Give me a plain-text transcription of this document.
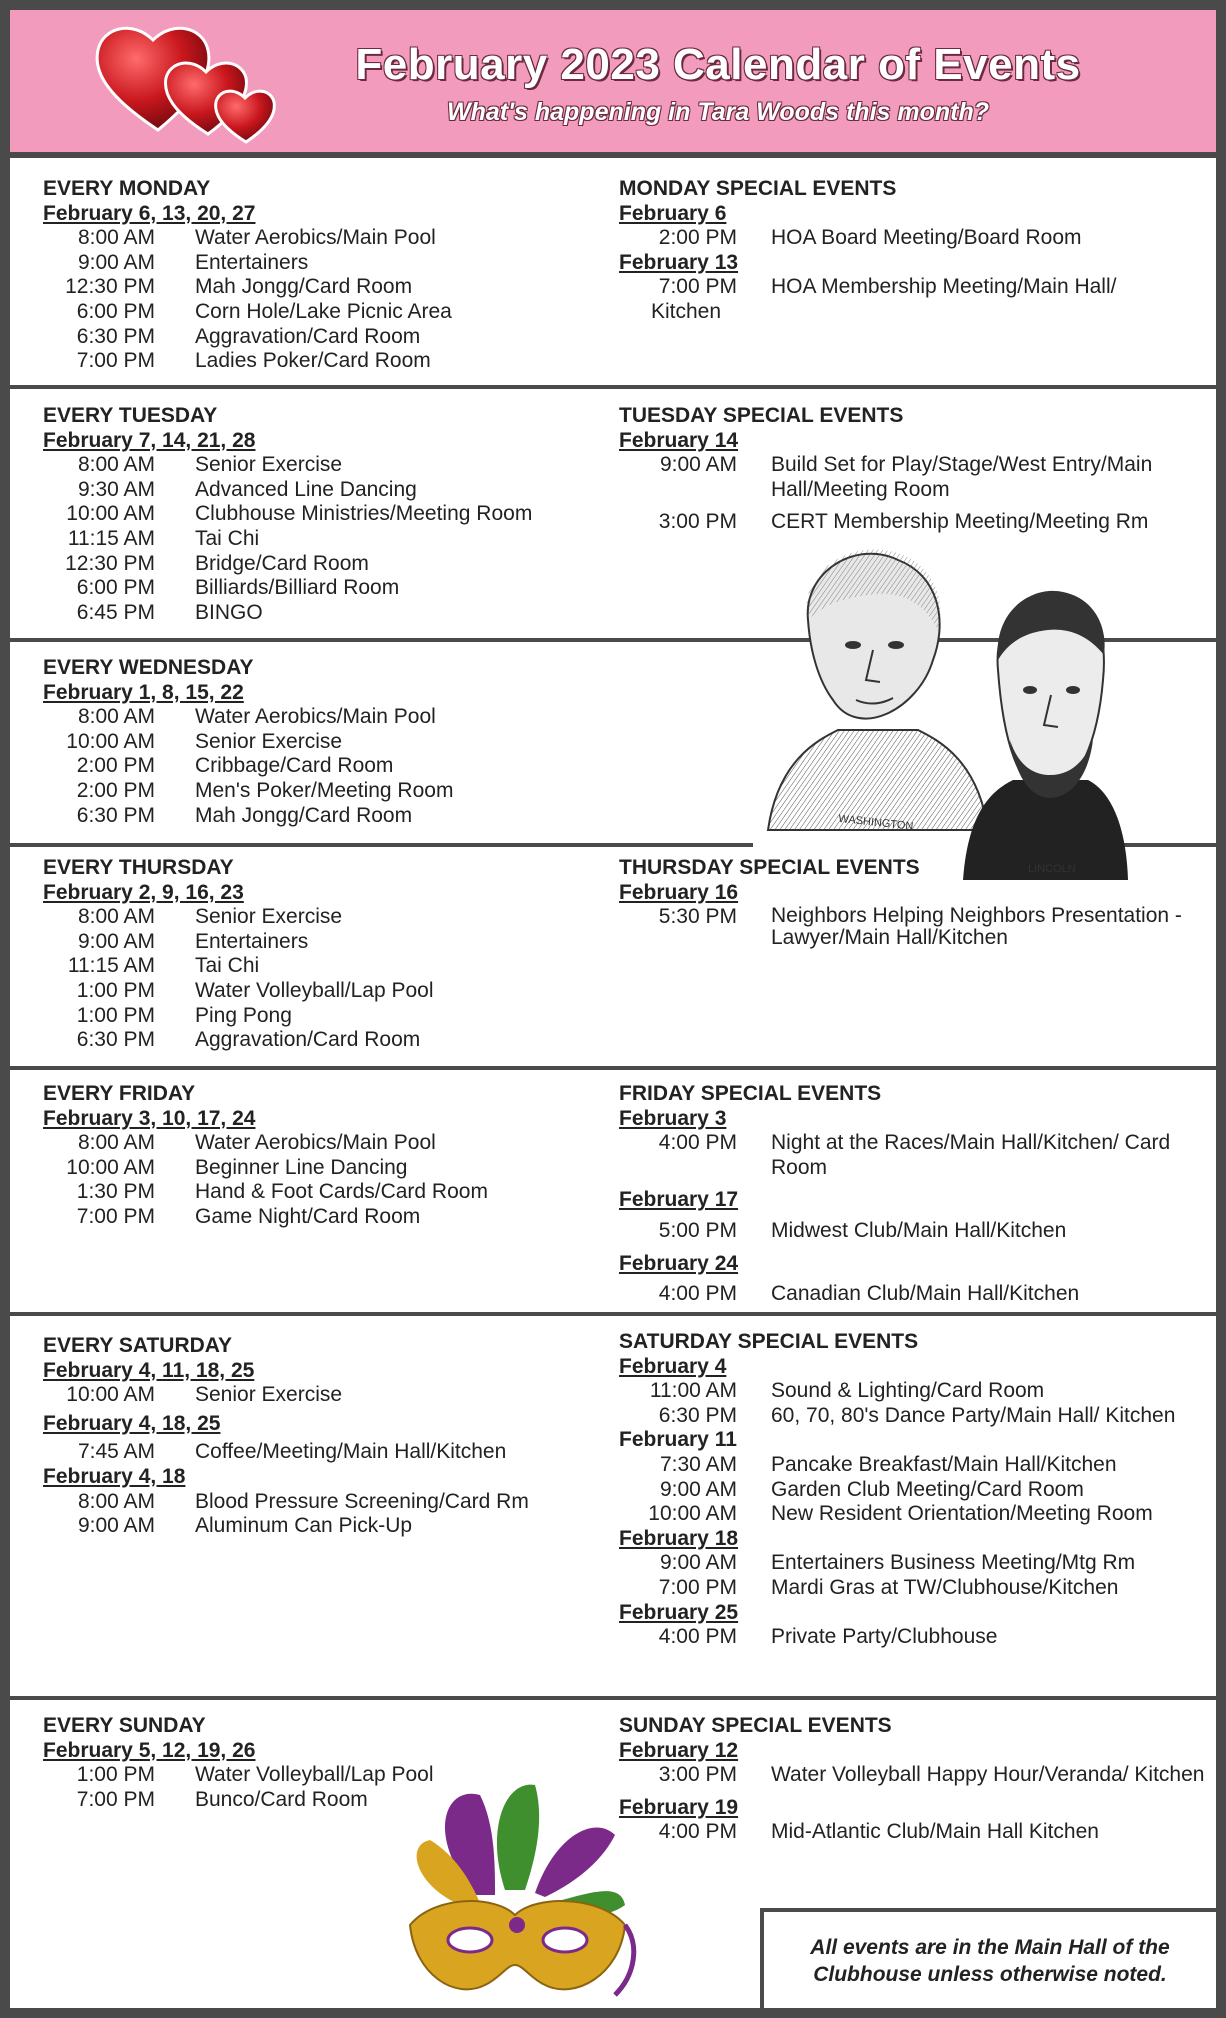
February 2023 Calendar of Events
What's happening in Tara Woods this month?
EVERY MONDAY
February 6, 13, 20, 27
8:00 AM Water Aerobics/Main Pool
9:00 AM Entertainers
12:30 PM Mah Jongg/Card Room
6:00 PM Corn Hole/Lake Picnic Area
6:30 PM Aggravation/Card Room
7:00 PM Ladies Poker/Card Room
MONDAY SPECIAL EVENTS
February 6
2:00 PM HOA Board Meeting/Board Room
February 13
7:00 PM HOA Membership Meeting/Main Hall/
Kitchen
EVERY TUESDAY
February 7, 14, 21, 28
8:00 AM Senior Exercise
9:30 AM Advanced Line Dancing
10:00 AM Clubhouse Ministries/Meeting Room
11:15 AM Tai Chi
12:30 PM Bridge/Card Room
6:00 PM Billiards/Billiard Room
6:45 PM BINGO
TUESDAY SPECIAL EVENTS
February 14
9:00 AM Build Set for Play/Stage/West Entry/Main Hall/Meeting Room
3:00 PM CERT Membership Meeting/Meeting Rm
EVERY WEDNESDAY
February 1, 8, 15, 22
8:00 AM Water Aerobics/Main Pool
10:00 AM Senior Exercise
2:00 PM Cribbage/Card Room
2:00 PM Men's Poker/Meeting Room
6:30 PM Mah Jongg/Card Room	WASHINGTON
LINCOLN
EVERY THURSDAY
February 2, 9, 16, 23
8:00 AM Senior Exercise
9:00 AM Entertainers
11:15 AM Tai Chi
1:00 PM Water Volleyball/Lap Pool
1:00 PM Ping Pong
6:30 PM Aggravation/Card Room
THURSDAY SPECIAL EVENTS
February 16
5:30 PM Neighbors Helping Neighbors Presentation - Lawyer/Main Hall/Kitchen
EVERY FRIDAY
February 3, 10, 17, 24
8:00 AM Water Aerobics/Main Pool
10:00 AM Beginner Line Dancing
1:30 PM Hand & Foot Cards/Card Room
7:00 PM Game Night/Card Room
FRIDAY SPECIAL EVENTS
February 3
4:00 PM Night at the Races/Main Hall/Kitchen/ Card Room
February 17
5:00 PM Midwest Club/Main Hall/Kitchen
February 24
4:00 PM Canadian Club/Main Hall/Kitchen
EVERY SATURDAY
February 4, 11, 18, 25
10:00 AM Senior Exercise
February 4, 18, 25
7:45 AM Coffee/Meeting/Main Hall/Kitchen
February 4, 18
8:00 AM Blood Pressure Screening/Card Rm
9:00 AM Aluminum Can Pick-Up
SATURDAY SPECIAL EVENTS
February 4
11:00 AM Sound & Lighting/Card Room
6:30 PM 60, 70, 80's Dance Party/Main Hall/ Kitchen
February 11
7:30 AM Pancake Breakfast/Main Hall/Kitchen
9:00 AM Garden Club Meeting/Card Room
10:00 AM New Resident Orientation/Meeting Room
February 18
9:00 AM Entertainers Business Meeting/Mtg Rm
7:00 PM Mardi Gras at TW/Clubhouse/Kitchen
February 25
4:00 PM Private Party/Clubhouse
EVERY SUNDAY
February 5, 12, 19, 26
1:00 PM Water Volleyball/Lap Pool
7:00 PM Bunco/Card Room
SUNDAY SPECIAL EVENTS
February 12
3:00 PM Water Volleyball Happy Hour/Veranda/ Kitchen
February 19
4:00 PM Mid-Atlantic Club/Main Hall Kitchen
All events are in the Main Hall of the Clubhouse unless otherwise noted.
